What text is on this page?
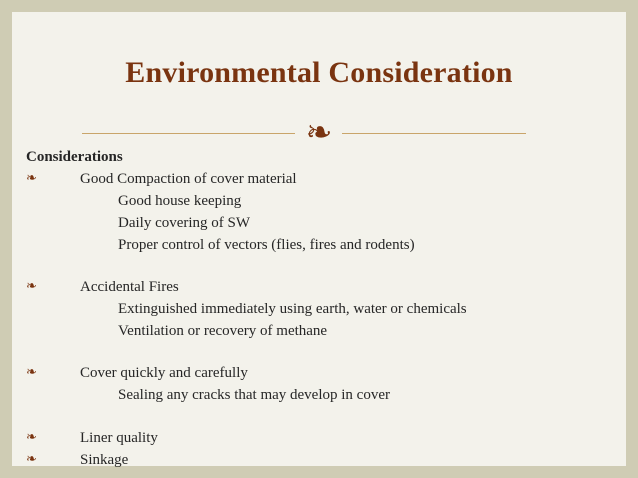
Environmental Consideration
❧
Considerations
❧	Good Compaction of cover material
Good house keeping
Daily covering of SW
Proper control of vectors (flies, fires and rodents)
❧	Accidental Fires
Extinguished immediately using earth, water or chemicals
Ventilation or recovery of methane
❧	Cover quickly and carefully
Sealing any cracks that may develop in cover
❧	Liner quality
❧	Sinkage
